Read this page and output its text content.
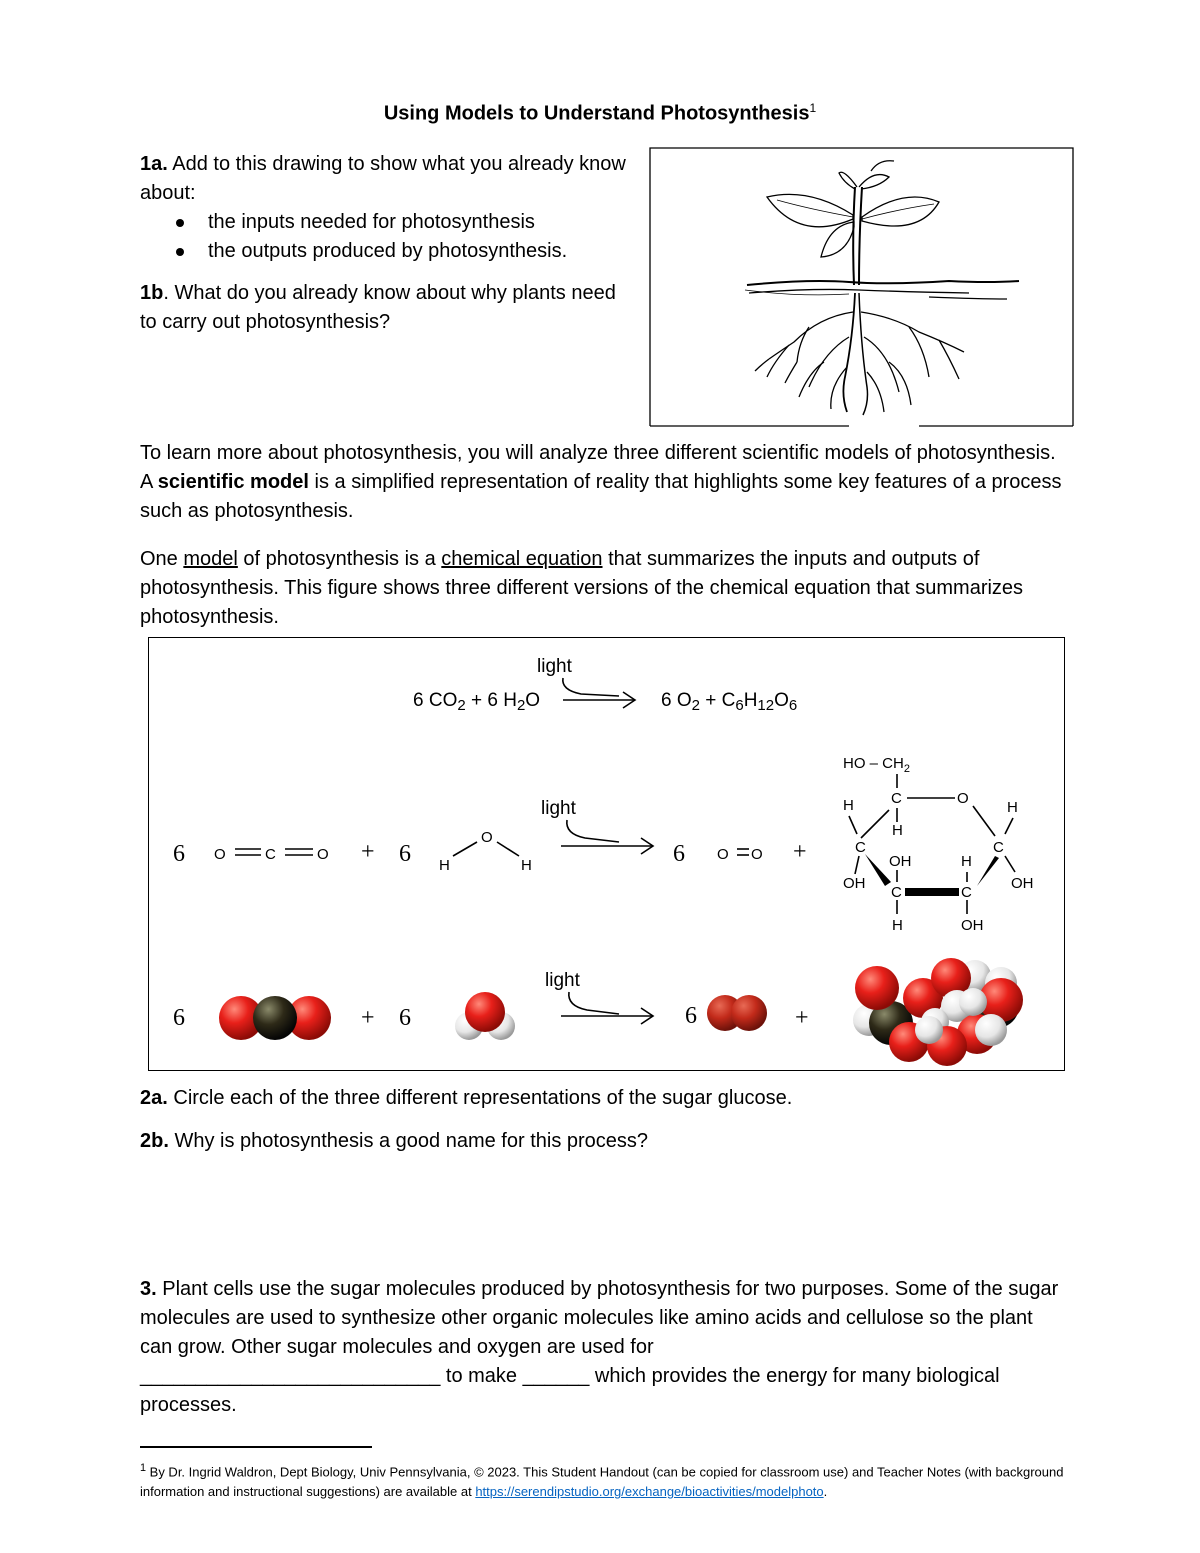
Using Models to Understand Photosynthesis$^1$
1a. Add to this drawing to show what you already know about:
the inputs needed for photosynthesis
the outputs produced by photosynthesis.
1b. What do you already know about why plants need to carry out photosynthesis?
To learn more about photosynthesis, you will analyze three different scientific models of photosynthesis. A scientific model is a simplified representation of reality that highlights some key features of a process such as photosynthesis.
One model of photosynthesis is a chemical equation that summarizes the inputs and outputs of photosynthesis. This figure shows three different versions of the chemical equation that summarizes photosynthesis.
light
6 $CO_2 + 6$ $H_2O$	6 $O_2 + C_6H_{12}O_6$
6 O	C	O + 6 H
O
H
light
6 O O +
HO – $CH_2$
C	O
H
H
C
OH
C
OH
H
C
H
OH
C
H
OH
6	+ 6
light
6	+
2a. Circle each of the three different representations of the sugar glucose.
2b. Why is photosynthesis a good name for this process?
3. Plant cells use the sugar molecules produced by photosynthesis for two purposes. Some of the sugar molecules are used to synthesize other organic molecules like amino acids and cellulose so the plant can grow. Other sugar molecules and oxygen are used for
___________________________ to make ______ which provides the energy for many biological processes.
$^1$ By Dr. Ingrid Waldron, Dept Biology, Univ Pennsylvania, © 2023. This Student Handout (can be copied for classroom use) and Teacher Notes (with background information and instructional suggestions) are available at https://serendipstudio.org/exchange/bioactivities/modelphoto.
